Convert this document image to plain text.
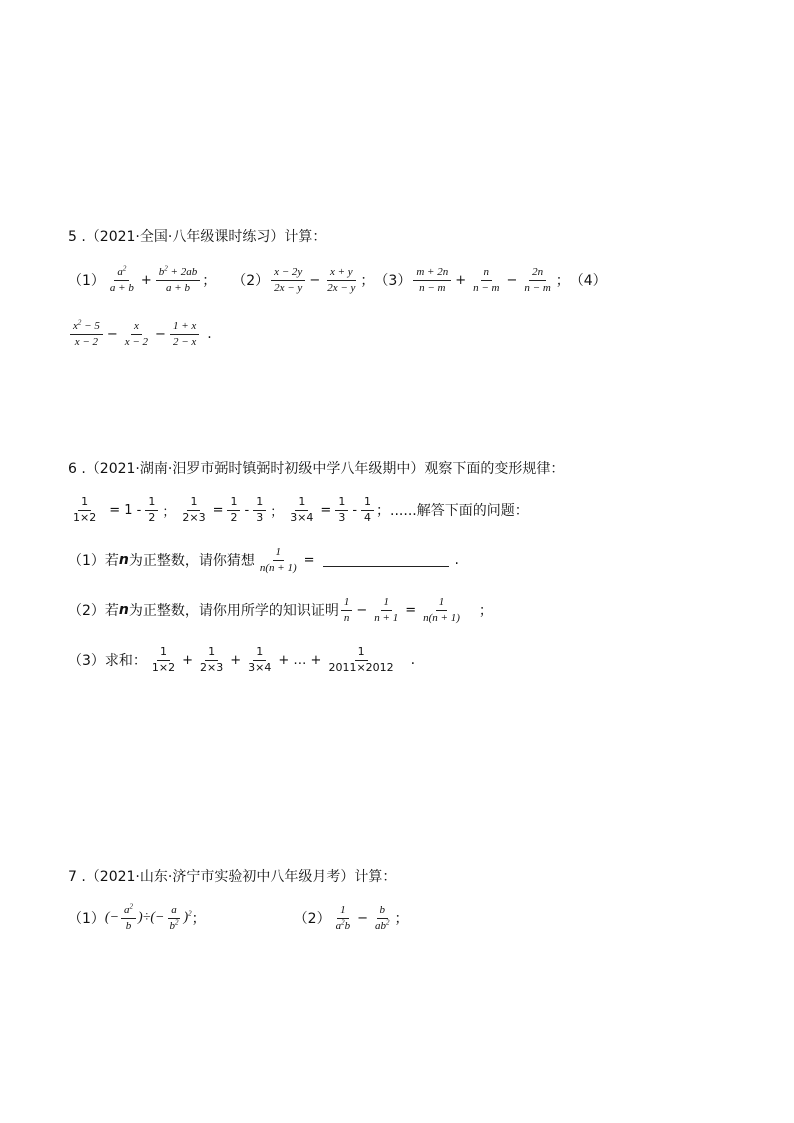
5 .（2021·全国·八年级课时练习）计算：
$(1) \frac{a^2}{a + b} + \frac{b^2 + 2ab}{a + b}$ ； $(2) \frac{x - 2y}{2x - y} - \frac{x + y}{2x - y}$ ； $(3) \frac{m + 2n}{n - m} + \frac{n}{n - m} - \frac{2n}{n - m}$ ； （4）
$\frac{x^2 - 5}{x - 2} - \frac{x}{x - 2} - \frac{1 + x}{2 - x}$ .
6 .（2021·湖南·汨罗市弼时镇弼时初级中学八年级期中）观察下面的变形规律：
$\frac{1}{1\times 2} = 1 - \frac{1}{2}$ ； $\frac{1}{2\times 3} = \frac{1}{2} - \frac{1}{3}$ ； $\frac{1}{3\times 4} = \frac{1}{3} - \frac{1}{4}$ ；......解答下面的问题：
（1）若 n 为正整数，请你猜想 $\frac{1}{n(n + 1)}$ =	.
（2）若 n 为正整数，请你用所学的知识证明 $\frac{1}{n} - \frac{1}{n + 1} = \frac{1}{n(n + 1)}$ ；
（3）求和： $\frac{1}{1\times 2} + \frac{1}{2\times 3} + \frac{1}{3\times 4}$ + … + $\frac{1}{2011\times 2012}$ .
7 .（2021·山东·济宁市实验初中八年级月考）计算：
（1） (− $\frac{a^2}{b}$ )÷(− $\frac{a}{b^2} )^2$ ；	$(2) \frac{1}{a^2b} - \frac{b}{ab^2}$ ；
